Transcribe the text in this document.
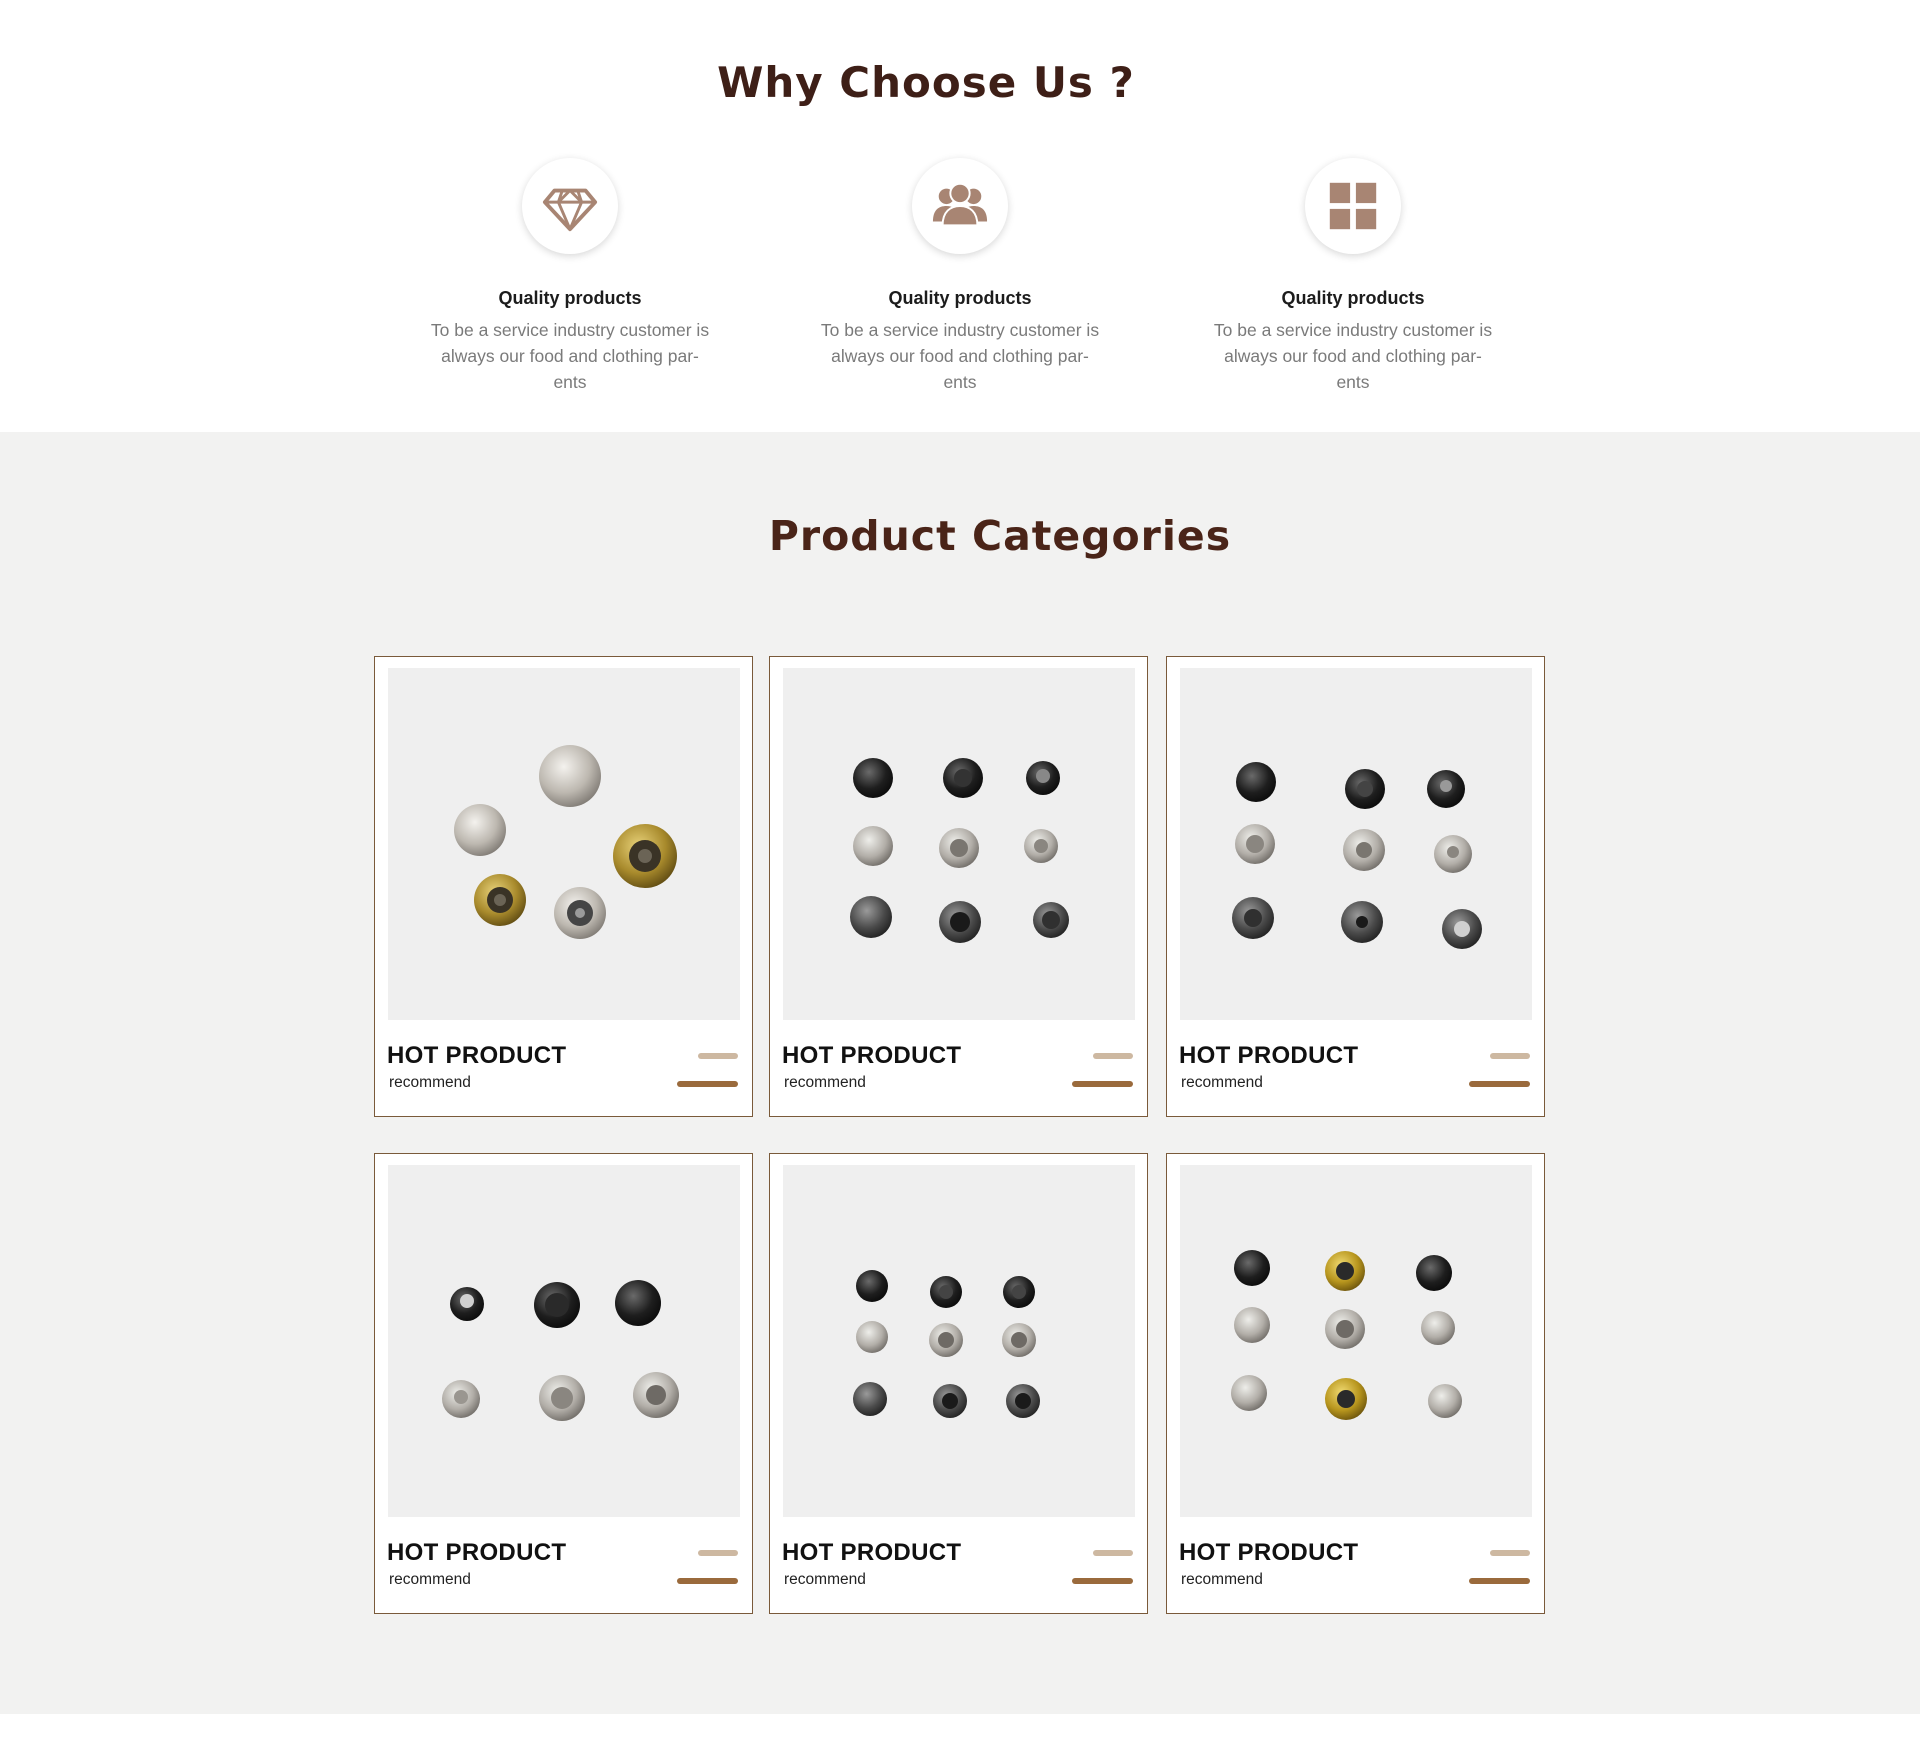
Why Choose Us ?
Quality products

To be a service industry customer is always our food and clothing par- ents

Quality products

To be a service industry customer is always our food and clothing par- ents

Quality products

To be a service industry customer is always our food and clothing par- ents

Product Categories
HOT PRODUCT
recommend
HOT PRODUCT
recommend
HOT PRODUCT
recommend
HOT PRODUCT
recommend
HOT PRODUCT
recommend
HOT PRODUCT
recommend
